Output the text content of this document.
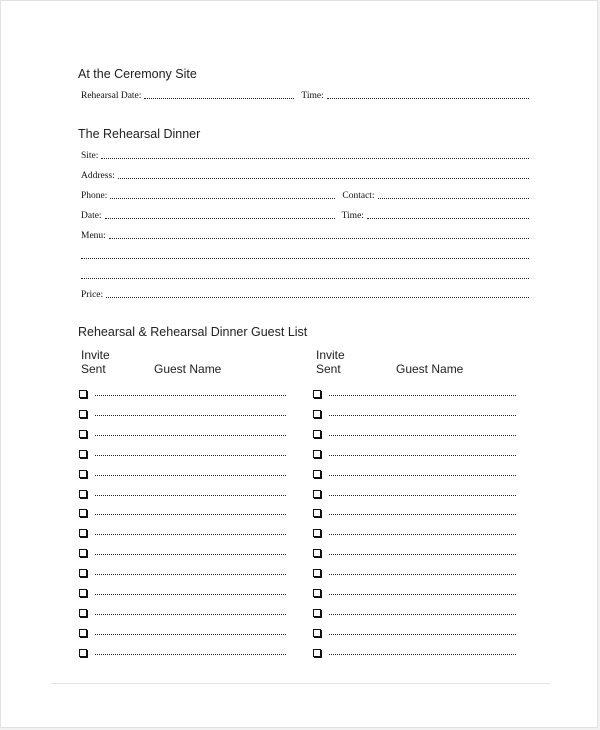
At the Ceremony Site
Rehearsal Date:	Time:
The Rehearsal Dinner
Site:
Address:
Phone:	Contact:
Date:	Time:
Menu:
Price:
Rehearsal & Rehearsal Dinner Guest List
Invite
Sent	Guest Name
Invite
Sent	Guest Name
